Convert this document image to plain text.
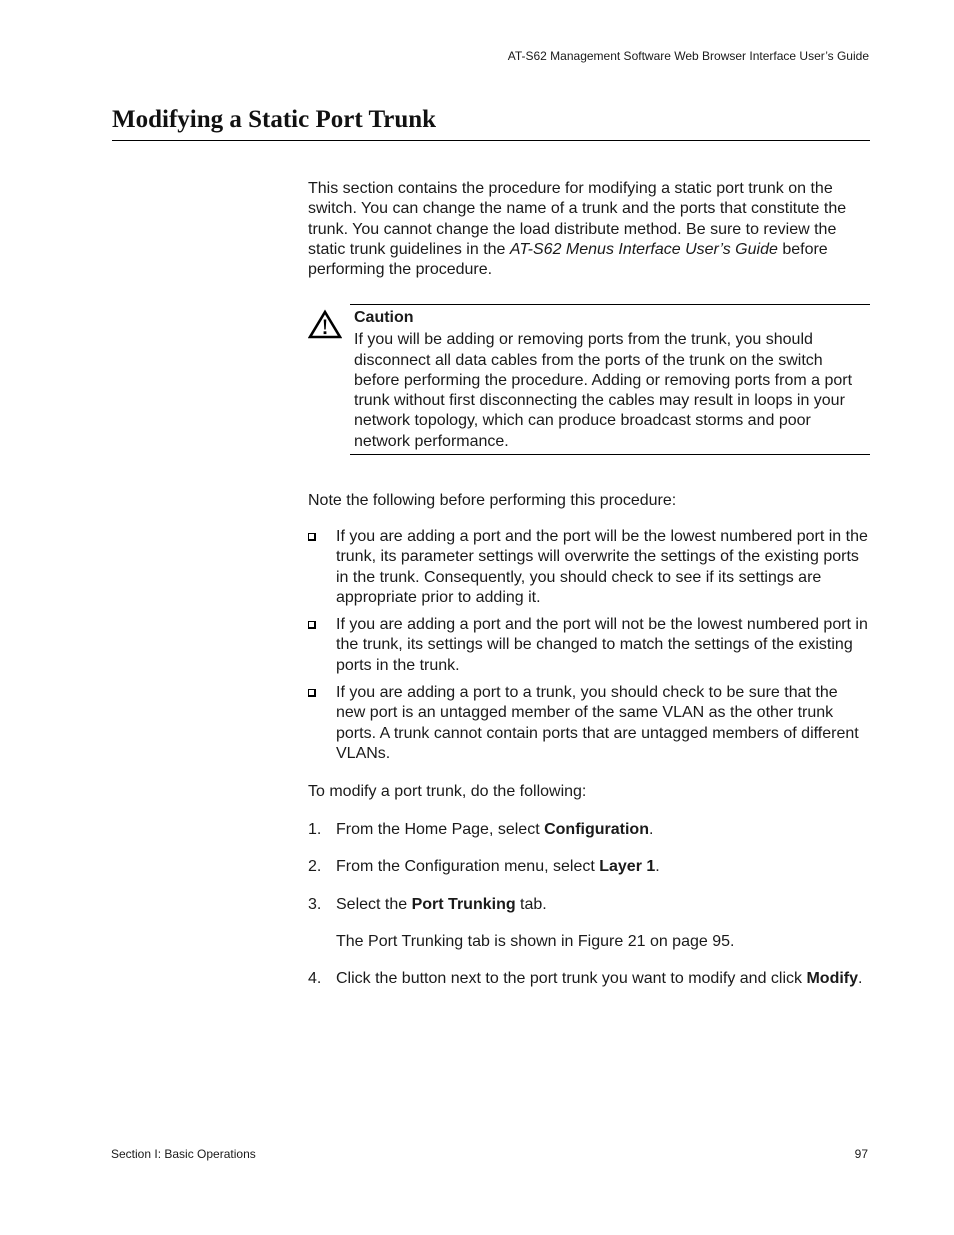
AT-S62 Management Software Web Browser Interface User’s Guide
Modifying a Static Port Trunk

This section contains the procedure for modifying a static port trunk on the switch. You can change the name of a trunk and the ports that constitute the trunk. You cannot change the load distribute method. Be sure to review the static trunk guidelines in the AT-S62 Menus Interface User’s Guide before performing the procedure.

Caution
If you will be adding or removing ports from the trunk, you should disconnect all data cables from the ports of the trunk on the switch before performing the procedure. Adding or removing ports from a port trunk without first disconnecting the cables may result in loops in your network topology, which can produce broadcast storms and poor network performance.

Note the following before performing this procedure:

If you are adding a port and the port will be the lowest numbered port in the trunk, its parameter settings will overwrite the settings of the existing ports in the trunk. Consequently, you should check to see if its settings are appropriate prior to adding it.
If you are adding a port and the port will not be the lowest numbered port in the trunk, its settings will be changed to match the settings of the existing ports in the trunk.
If you are adding a port to a trunk, you should check to be sure that the new port is an untagged member of the same VLAN as the other trunk ports. A trunk cannot contain ports that are untagged members of different VLANs.

To modify a port trunk, do the following:

1. From the Home Page, select Configuration.
2. From the Configuration menu, select Layer 1.
3. Select the Port Trunking tab.
The Port Trunking tab is shown in Figure 21 on page 95.
4. Click the button next to the port trunk you want to modify and click Modify.
Section I: Basic Operations	97
